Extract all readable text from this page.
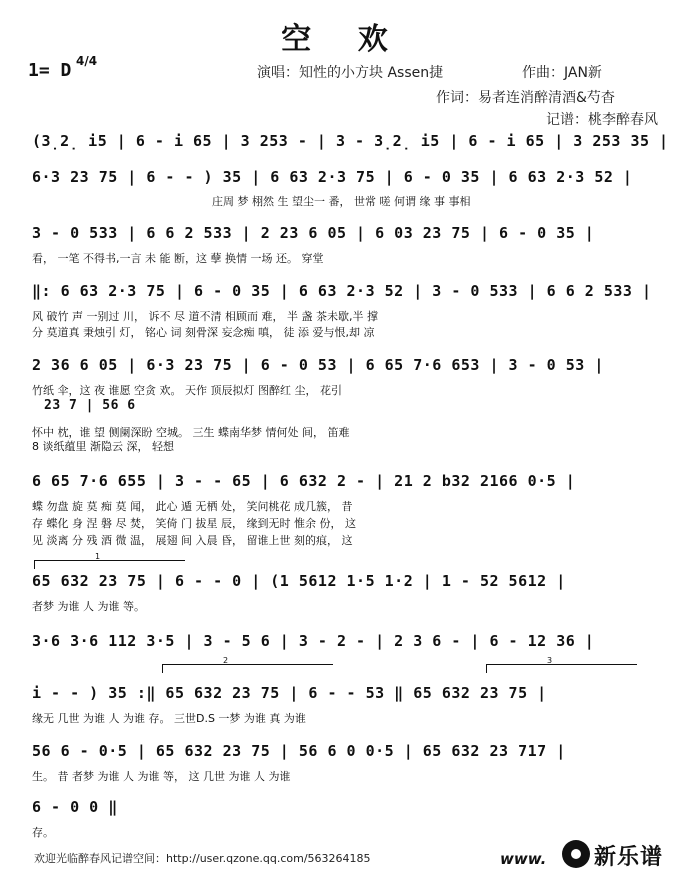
空 欢
1= D 4/4
演唱：知性的小方块 Assen捷	作曲：JAN新
作词：易者连消醉清酒&芍杳
记谱：桃李醉春风
(3̣2̣ i5 | 6 - i 65 | 3 253 - | 3 - 3̣2̣ i5 | 6 - i 65 | 3 253 35 |
6·3 23 75 | 6 - - ) 35 | 6 63 2·3 75 | 6 - 0 35 | 6 63 2·3 52 |
庄周 梦 栩然 生 望尘一 番， 世常 嗟 何谓 缘 事 事相
3 - 0 533 | 6 6 2 533 | 2 23 6 05 | 6 03 23 75 | 6 - 0 35 |
看， 一笔 不得书,一言 未 能 断，这 孽 换情 一场 还。 穿堂
‖: 6 63 2·3 75 | 6 - 0 35 | 6 63 2·3 52 | 3 - 0 533 | 6 6 2 533 |
风 破竹 声 一别过 川， 诉不 尽 道不清 相顾而 难， 半 盏 茶未歇,半 撑
分 莫道真 秉烛引 灯， 铭心 词 刻骨深 妄念痴 嗔， 徒 添 爱与恨,却 凉
2 36 6 05 | 6·3 23 75 | 6 - 0 53 | 6 65 7·6 653 | 3 - 0 53 |
竹纸 伞，这 夜 谁愿 空贪 欢。 天作 顶辰拟灯 图醉红 尘， 花引
23 7 | 56 6
怀中 枕，谁 望 侧阑深盼 空城。 三生 蝶南华梦 情何处 间， 笛难
8 谈纸蕴里 渐隐云 深， 轻想
6 65 7·6 655 | 3 - - 65 | 6 632 2 - | 21 2 b32 2166 0·5 |
蝶 勿盘 旋 莫 痴 莫 闻， 此心 遁 无栖 处， 笑问桃花 成几簇， 昔
存 蝶化 身 涅 磐 尽 焚， 笑倚 门 拔星 辰， 缘到无时 惟余 份， 这
见 淡离 分 残 酒 微 温， 展翅 间 入晨 昏， 留谁上世 刻的痕， 这
1
65 632 23 75 | 6 - - 0 | (1 5612 1·5 1·2 | 1 - 52 5612 |
者梦 为谁 人 为谁 等。
3·6 3·6 112 3·5 | 3 - 5 6 | 3 - 2 - | 2 3 6 - | 6 - 12 36 |
2	3
i - - ) 35 :‖ 65 632 23 75 | 6 - - 53 ‖ 65 632 23 75 |
缘无 几世 为谁 人 为谁 存。 三世D.S 一梦 为谁 真 为谁
56 6 - 0·5 | 65 632 23 75 | 56 6 0 0·5 | 65 632 23 717 |
生。 昔 者梦 为谁 人 为谁 等， 这 几世 为谁 人 为谁
6 - 0 0 ‖
存。
欢迎光临醉春风记谱空间：http://user.qzone.qq.com/563264185	www. 新乐谱
